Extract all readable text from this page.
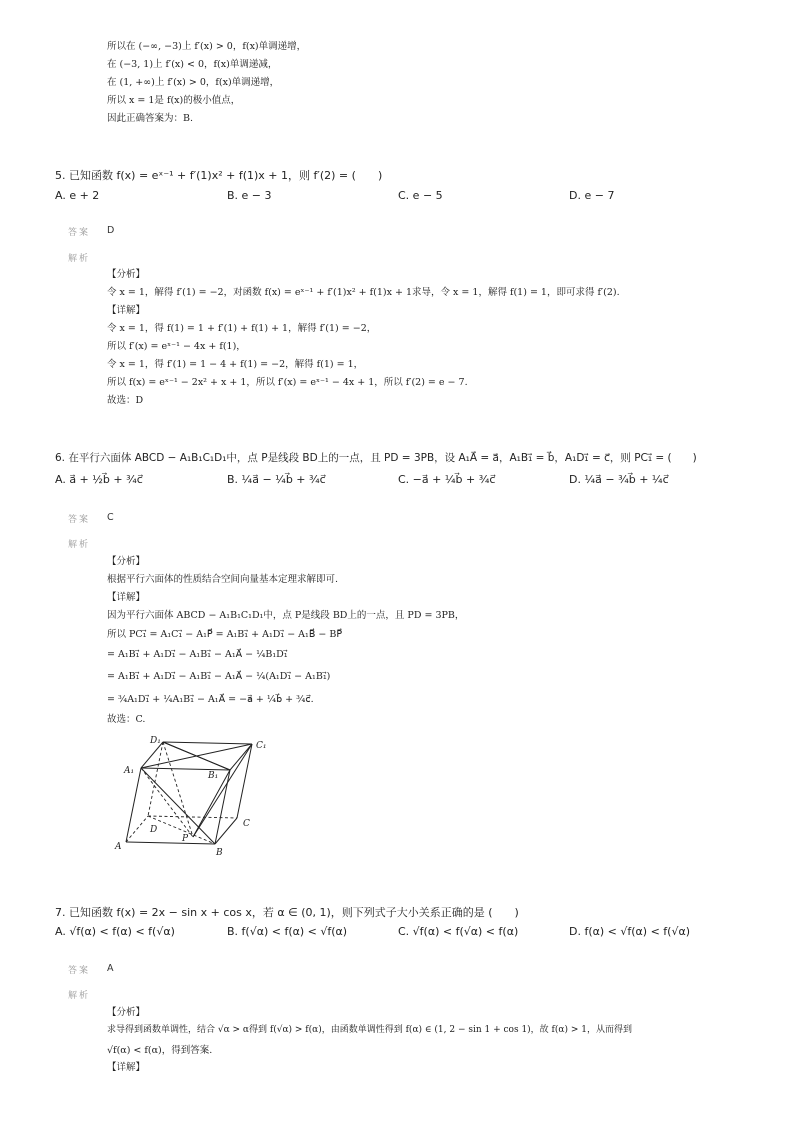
所以在 (−∞, −3)上 f′(x) > 0，f(x)单调递增，
在 (−3, 1)上 f′(x) < 0，f(x)单调递减，
在 (1, +∞)上 f′(x) > 0，f(x)单调递增，
所以 x = 1是 f(x)的极小值点，
因此正确答案为：B.
5. 已知函数 f(x) = eˣ⁻¹ + f′(1)x² + f(1)x + 1，则 f′(2) = (　　)
A. e + 2	B. e − 3	C. e − 5	D. e − 7
答案 D
解析
【分析】
令 x = 1，解得 f′(1) = −2，对函数 f(x) = eˣ⁻¹ + f′(1)x² + f(1)x + 1求导，令 x = 1，解得 f(1) = 1，即可求得 f′(2).
【详解】
令 x = 1，得 f(1) = 1 + f′(1) + f(1) + 1，解得 f′(1) = −2，
所以 f′(x) = eˣ⁻¹ − 4x + f(1)，
令 x = 1，得 f′(1) = 1 − 4 + f(1) = −2，解得 f(1) = 1，
所以 f(x) = eˣ⁻¹ − 2x² + x + 1，所以 f′(x) = eˣ⁻¹ − 4x + 1，所以 f′(2) = e − 7.
故选：D
6. 在平行六面体 ABCD − A₁B₁C₁D₁中，点 P是线段 BD上的一点，且 PD = 3PB，设 A₁A⃗ = a⃗，A₁B₁⃗ = b⃗，A₁D₁⃗ = c⃗，则 PC₁⃗ = (　　)
A. a⃗ + ½b⃗ + ¾c⃗	B. ¼a⃗ − ¼b⃗ + ¾c⃗	C. −a⃗ + ¼b⃗ + ¾c⃗	D. ¼a⃗ − ¾b⃗ + ¼c⃗
答案 C
解析
【分析】
根据平行六面体的性质结合空间向量基本定理求解即可.
【详解】
因为平行六面体 ABCD − A₁B₁C₁D₁中，点 P是线段 BD上的一点，且 PD = 3PB，
所以 PC₁⃗ = A₁C₁⃗ − A₁P⃗ = A₁B₁⃗ + A₁D₁⃗ − A₁B⃗ − BP⃗
= A₁B₁⃗ + A₁D₁⃗ − A₁B₁⃗ − A₁A⃗ − ¼B₁D₁⃗
= A₁B₁⃗ + A₁D₁⃗ − A₁B₁⃗ − A₁A⃗ − ¼(A₁D₁⃗ − A₁B₁⃗)
= ¾A₁D₁⃗ + ¼A₁B₁⃗ − A₁A⃗ = −a⃗ + ¼b⃗ + ¾c⃗.
故选：C.
D₁	C₁
A₁	B₁
D
C
A
B
P
7. 已知函数 f(x) = 2x − sin x + cos x，若 α ∈ (0, 1)，则下列式子大小关系正确的是 (　　)
A. √f(α) < f(α) < f(√α)	B. f(√α) < f(α) < √f(α)	C. √f(α) < f(√α) < f(α)	D. f(α) < √f(α) < f(√α)
答案 A
解析
【分析】
求导得到函数单调性，结合 √α > α得到 f(√α) > f(α)，由函数单调性得到 f(α) ∈ (1, 2 − sin 1 + cos 1)，故 f(α) > 1，从而得到
√f(α) < f(α)，得到答案.
【详解】
